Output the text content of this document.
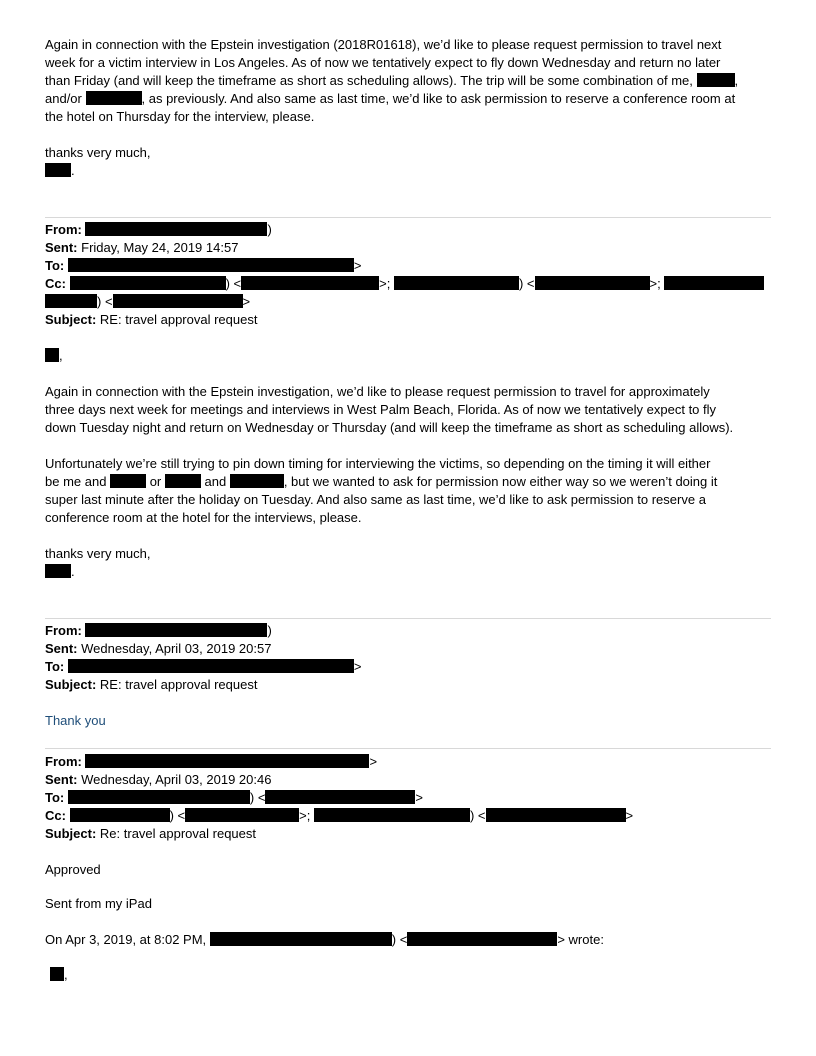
Again in connection with the Epstein investigation (2018R01618), we’d like to please request permission to travel next
week for a victim interview in Los Angeles. As of now we tentatively expect to fly down Wednesday and return no later
than Friday (and will keep the timeframe as short as scheduling allows). The trip will be some combination of me,	,
and/or	, as previously. And also same as last time, we’d like to ask permission to reserve a conference room at
the hotel on Thursday for the interview, please.
thanks very much,
.
From:	)
Sent: Friday, May 24, 2019 14:57
To:	>
Cc:	) <	>;	) <	>;
) <	>
Subject: RE: travel approval request
,
Again in connection with the Epstein investigation, we’d like to please request permission to travel for approximately
three days next week for meetings and interviews in West Palm Beach, Florida. As of now we tentatively expect to fly
down Tuesday night and return on Wednesday or Thursday (and will keep the timeframe as short as scheduling allows).
Unfortunately we’re still trying to pin down timing for interviewing the victims, so depending on the timing it will either
be me and	or	and	, but we wanted to ask for permission now either way so we weren’t doing it
super last minute after the holiday on Tuesday. And also same as last time, we’d like to ask permission to reserve a
conference room at the hotel for the interviews, please.
thanks very much,
.
From:	)
Sent: Wednesday, April 03, 2019 20:57
To:	>
Subject: RE: travel approval request
Thank you
From:	>
Sent: Wednesday, April 03, 2019 20:46
To:	) <	>
Cc:	) <	>;	) <	>
Subject: Re: travel approval request
Approved
Sent from my iPad
On Apr 3, 2019, at 8:02 PM,	) <	> wrote:
,
